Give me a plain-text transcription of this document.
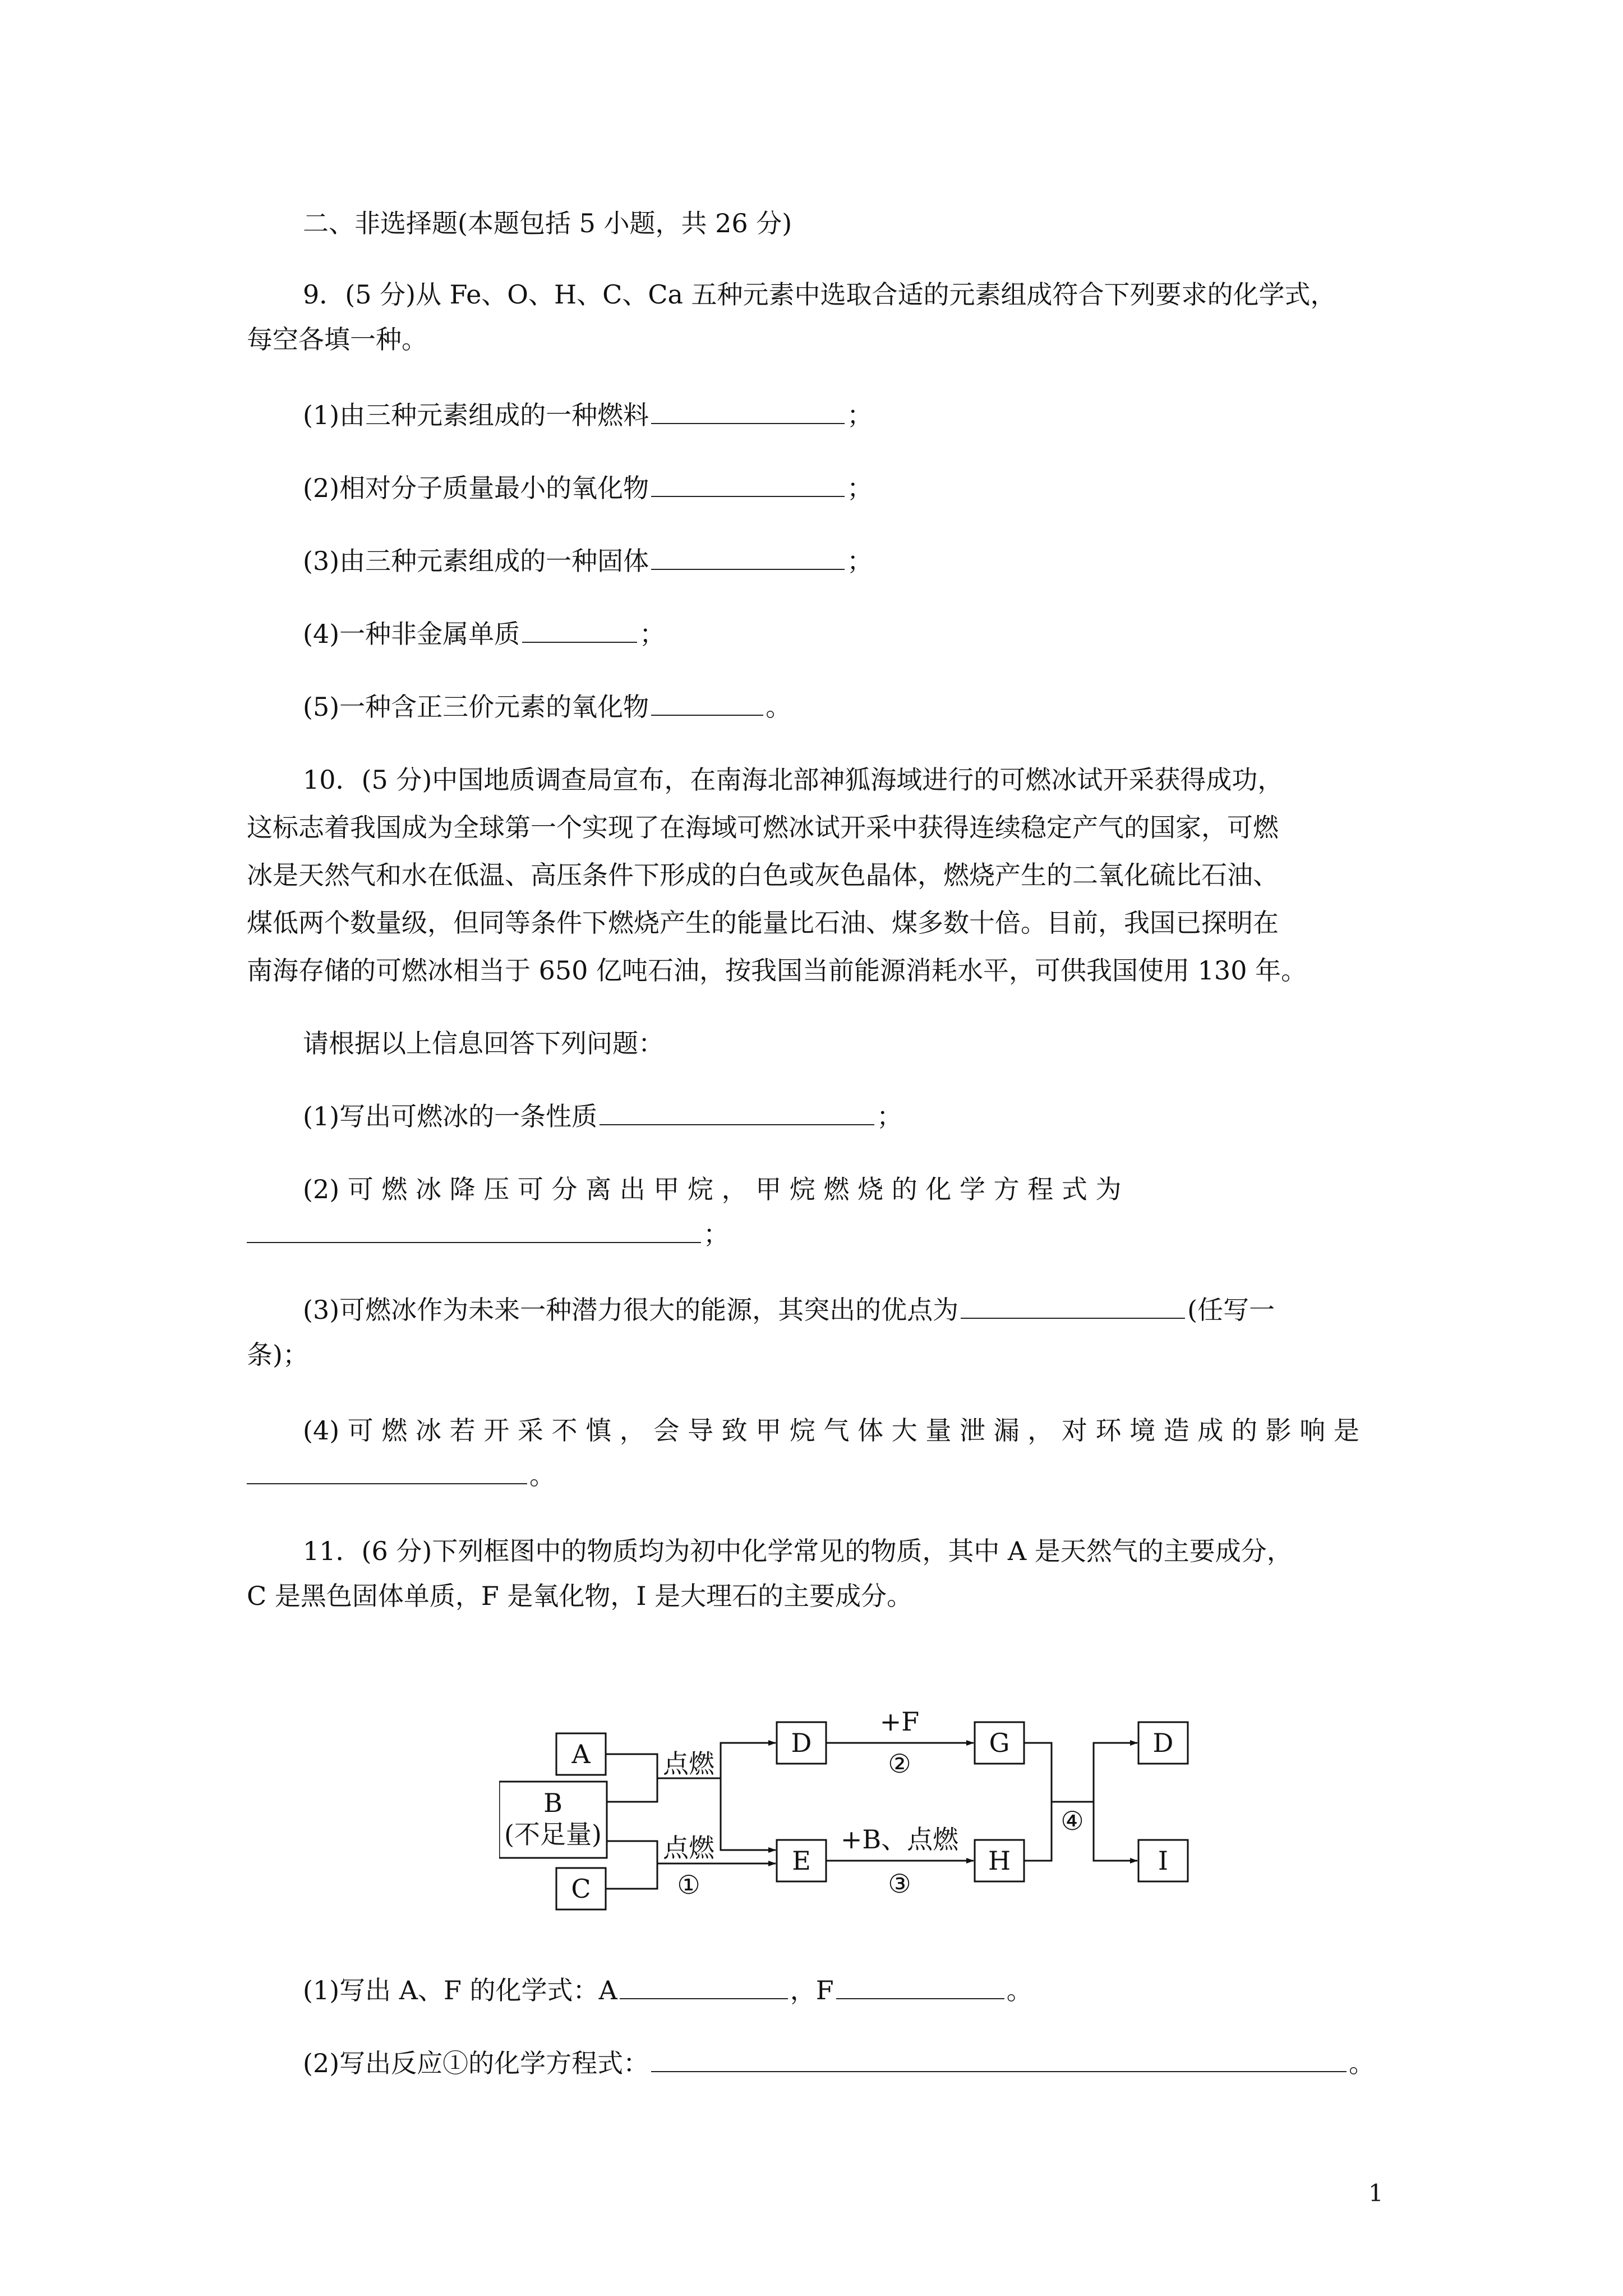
二、非选择题(本题包括 5 小题，共 26 分)
9．(5 分)从 Fe、O、H、C、Ca 五种元素中选取合适的元素组成符合下列要求的化学式，
每空各填一种。
(1)由三种元素组成的一种燃料	；
(2)相对分子质量最小的氧化物	；
(3)由三种元素组成的一种固体	；
(4)一种非金属单质	；
(5)一种含正三价元素的氧化物	。
10．(5 分)中国地质调查局宣布，在南海北部神狐海域进行的可燃冰试开采获得成功，
这标志着我国成为全球第一个实现了在海域可燃冰试开采中获得连续稳定产气的国家，可燃
冰是天然气和水在低温、高压条件下形成的白色或灰色晶体，燃烧产生的二氧化硫比石油、
煤低两个数量级，但同等条件下燃烧产生的能量比石油、煤多数十倍。目前，我国已探明在
南海存储的可燃冰相当于 650 亿吨石油，按我国当前能源消耗水平，可供我国使用 130 年。
请根据以上信息回答下列问题：
(1)写出可燃冰的一条性质	；
(2) 可 燃 冰 降 压 可 分 离 出 甲 烷 ， 甲 烷 燃 烧 的 化 学 方 程 式 为
；
(3)可燃冰作为未来一种潜力很大的能源，其突出的优点为	(任写一
条)；
(4) 可 燃 冰 若 开 采 不 慎 ， 会 导 致 甲 烷 气 体 大 量 泄 漏 ， 对 环 境 造 成 的 影 响 是
。
11．(6 分)下列框图中的物质均为初中化学常见的物质，其中 A 是天然气的主要成分，
C 是黑色固体单质，F 是氧化物，I 是大理石的主要成分。
A
B
(不足量)
C
D
E
G
H
D
I
点燃
点燃
①
+F
②
+B、点燃
③
④
(1)写出 A、F 的化学式：A	，F	。
(2)写出反应①的化学方程式：	。
1
